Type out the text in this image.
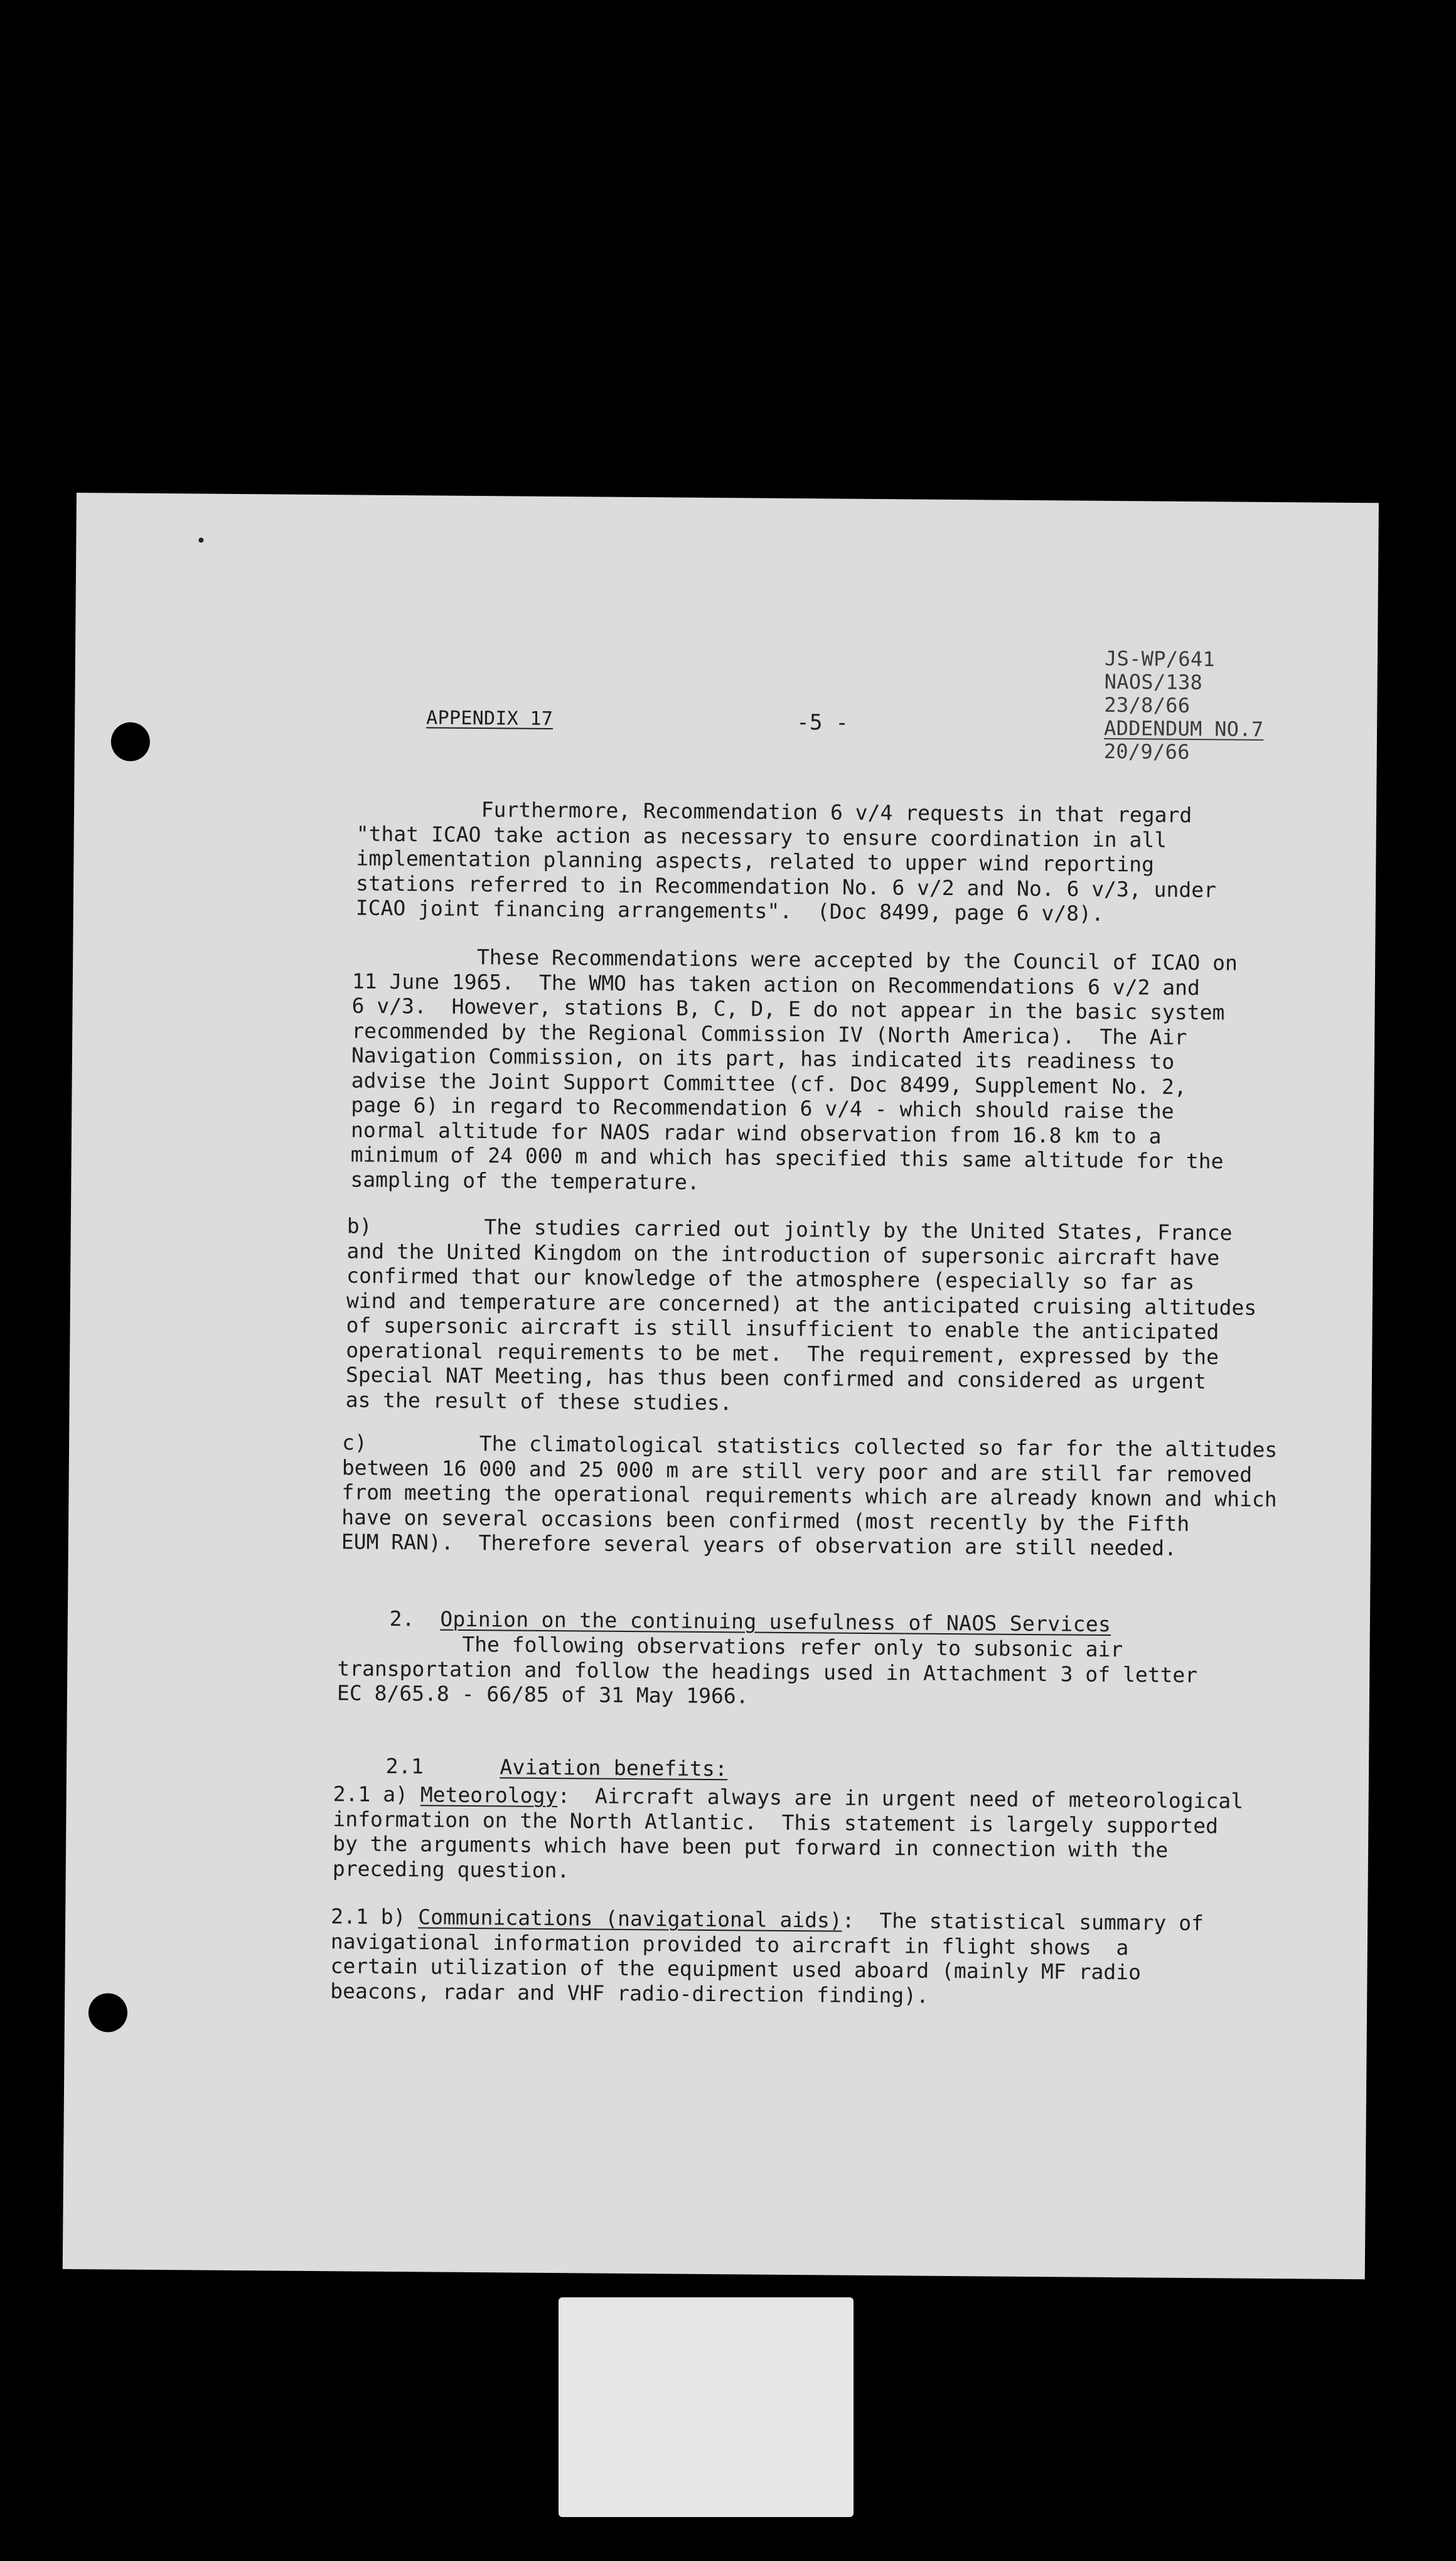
APPENDIX 17	-5 -
JS-WP/641
NAOS/138
23/8/66
ADDENDUM NO.7
20/9/66
Furthermore, Recommendation 6 v/4 requests in that regard
"that ICAO take action as necessary to ensure coordination in all
implementation planning aspects, related to upper wind reporting
stations referred to in Recommendation No. 6 v/2 and No. 6 v/3, under
ICAO joint financing arrangements".  (Doc 8499, page 6 v/8).
These Recommendations were accepted by the Council of ICAO on
11 June 1965.  The WMO has taken action on Recommendations 6 v/2 and
6 v/3.  However, stations B, C, D, E do not appear in the basic system
recommended by the Regional Commission IV (North America).  The Air
Navigation Commission, on its part, has indicated its readiness to
advise the Joint Support Committee (cf. Doc 8499, Supplement No. 2,
page 6) in regard to Recommendation 6 v/4 - which should raise the
normal altitude for NAOS radar wind observation from 16.8 km to a
minimum of 24 000 m and which has specified this same altitude for the
sampling of the temperature.
b)         The studies carried out jointly by the United States, France
and the United Kingdom on the introduction of supersonic aircraft have
confirmed that our knowledge of the atmosphere (especially so far as
wind and temperature are concerned) at the anticipated cruising altitudes
of supersonic aircraft is still insufficient to enable the anticipated
operational requirements to be met.  The requirement, expressed by the
Special NAT Meeting, has thus been confirmed and considered as urgent
as the result of these studies.
c)         The climatological statistics collected so far for the altitudes
between 16 000 and 25 000 m are still very poor and are still far removed
from meeting the operational requirements which are already known and which
have on several occasions been confirmed (most recently by the Fifth
EUM RAN).  Therefore several years of observation are still needed.

2. Opinion on the continuing usefulness of NAOS Services

The following observations refer only to subsonic air
transportation and follow the headings used in Attachment 3 of letter
EC 8/65.8 - 66/85 of 31 May 1966.

2.1	Aviation benefits:

2.1 a) Meteorology:  Aircraft always are in urgent need of meteorological
information on the North Atlantic.  This statement is largely supported
by the arguments which have been put forward in connection with the
preceding question.
2.1 b) Communications (navigational aids):  The statistical summary of
navigational information provided to aircraft in flight shows  a
certain utilization of the equipment used aboard (mainly MF radio
beacons, radar and VHF radio-direction finding).
